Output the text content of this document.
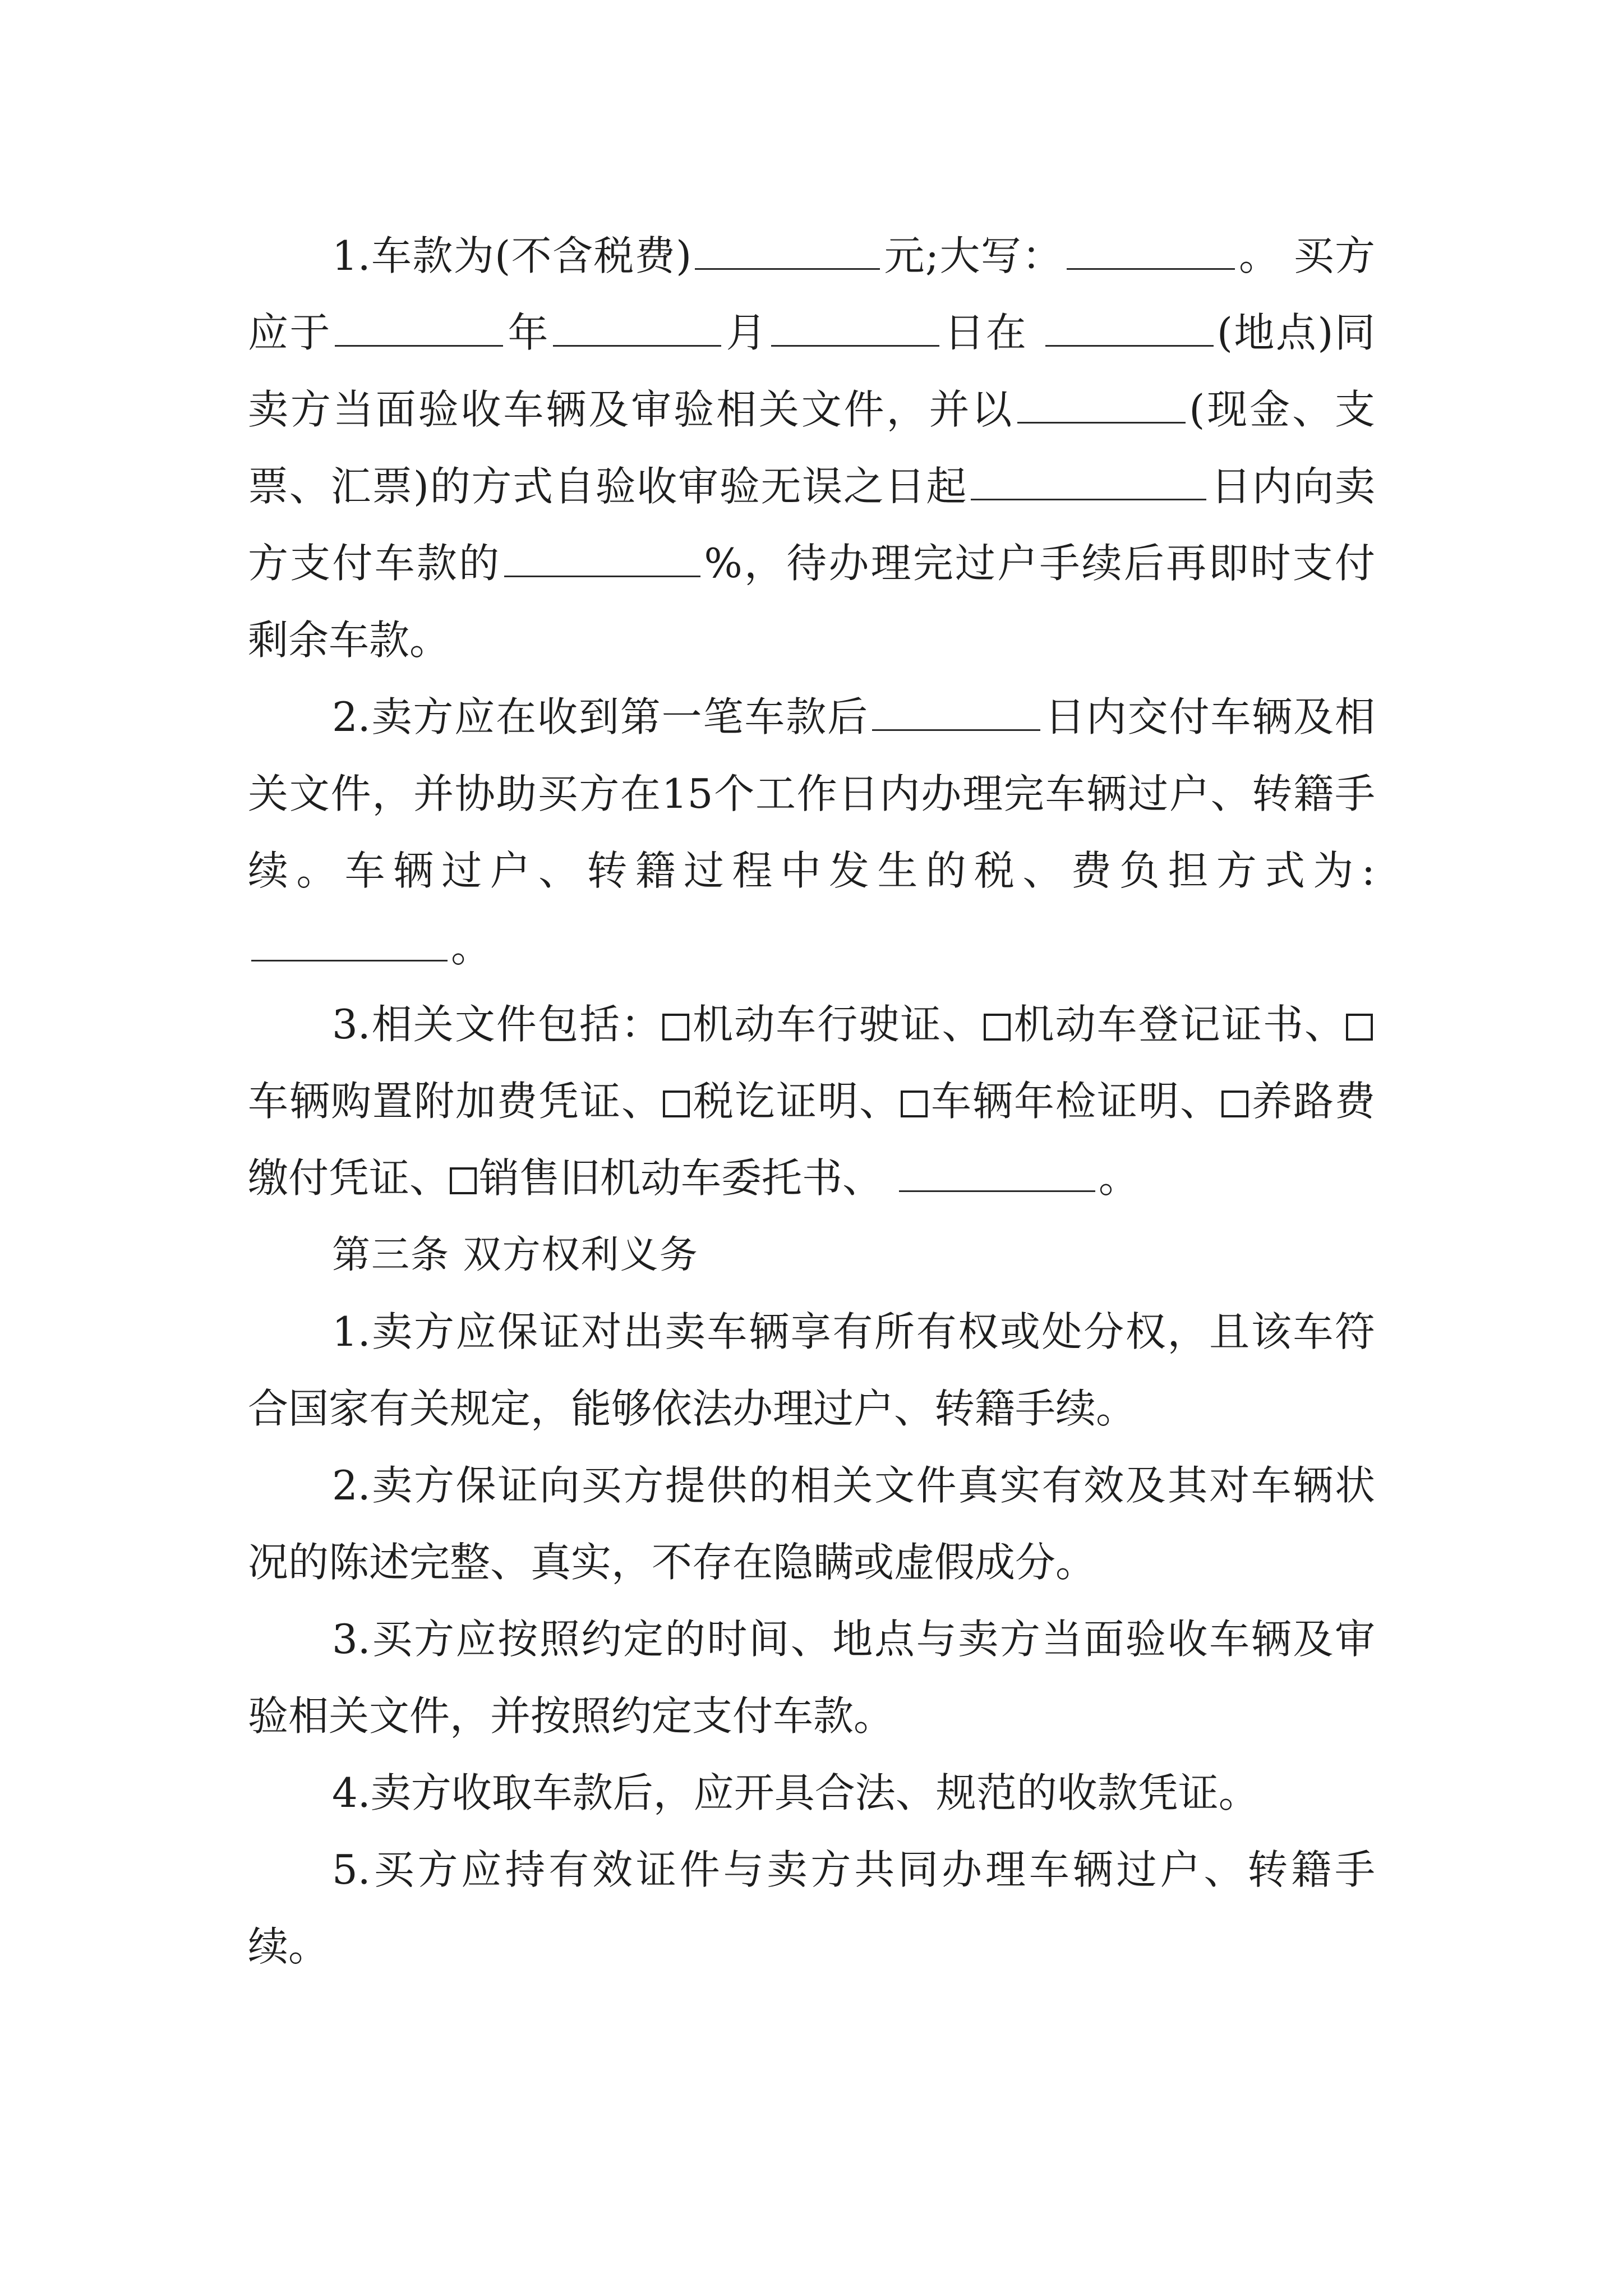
1.车款为(不含税费)	元;大写：	。 买方应于	年	月	日在	(地点)同卖方当面验收车辆及审验相关文件，并以	(现金、支票、汇票)的方式自验收审验无误之日起	日内向卖方支付车款的	%，待办理完过户手续后再即时支付剩余车款。

2.卖方应在收到第一笔车款后	日内交付车辆及相关文件，并协助买方在15个工作日内办理完车辆过户、转籍手续。车辆过户、转籍过程中发生的税、费负担方式为: 。

3.相关文件包括： 机动车行驶证、 机动车登记证书、车辆购置附加费凭证、 税讫证明、 车辆年检证明、 养路费缴付凭证、 销售旧机动车委托书、	。

第三条 双方权利义务

1.卖方应保证对出卖车辆享有所有权或处分权，且该车符合国家有关规定，能够依法办理过户、转籍手续。

2.卖方保证向买方提供的相关文件真实有效及其对车辆状况的陈述完整、真实，不存在隐瞒或虚假成分。

3.买方应按照约定的时间、地点与卖方当面验收车辆及审验相关文件，并按照约定支付车款。

4.卖方收取车款后，应开具合法、规范的收款凭证。

5.买方应持有效证件与卖方共同办理车辆过户、转籍手续。
